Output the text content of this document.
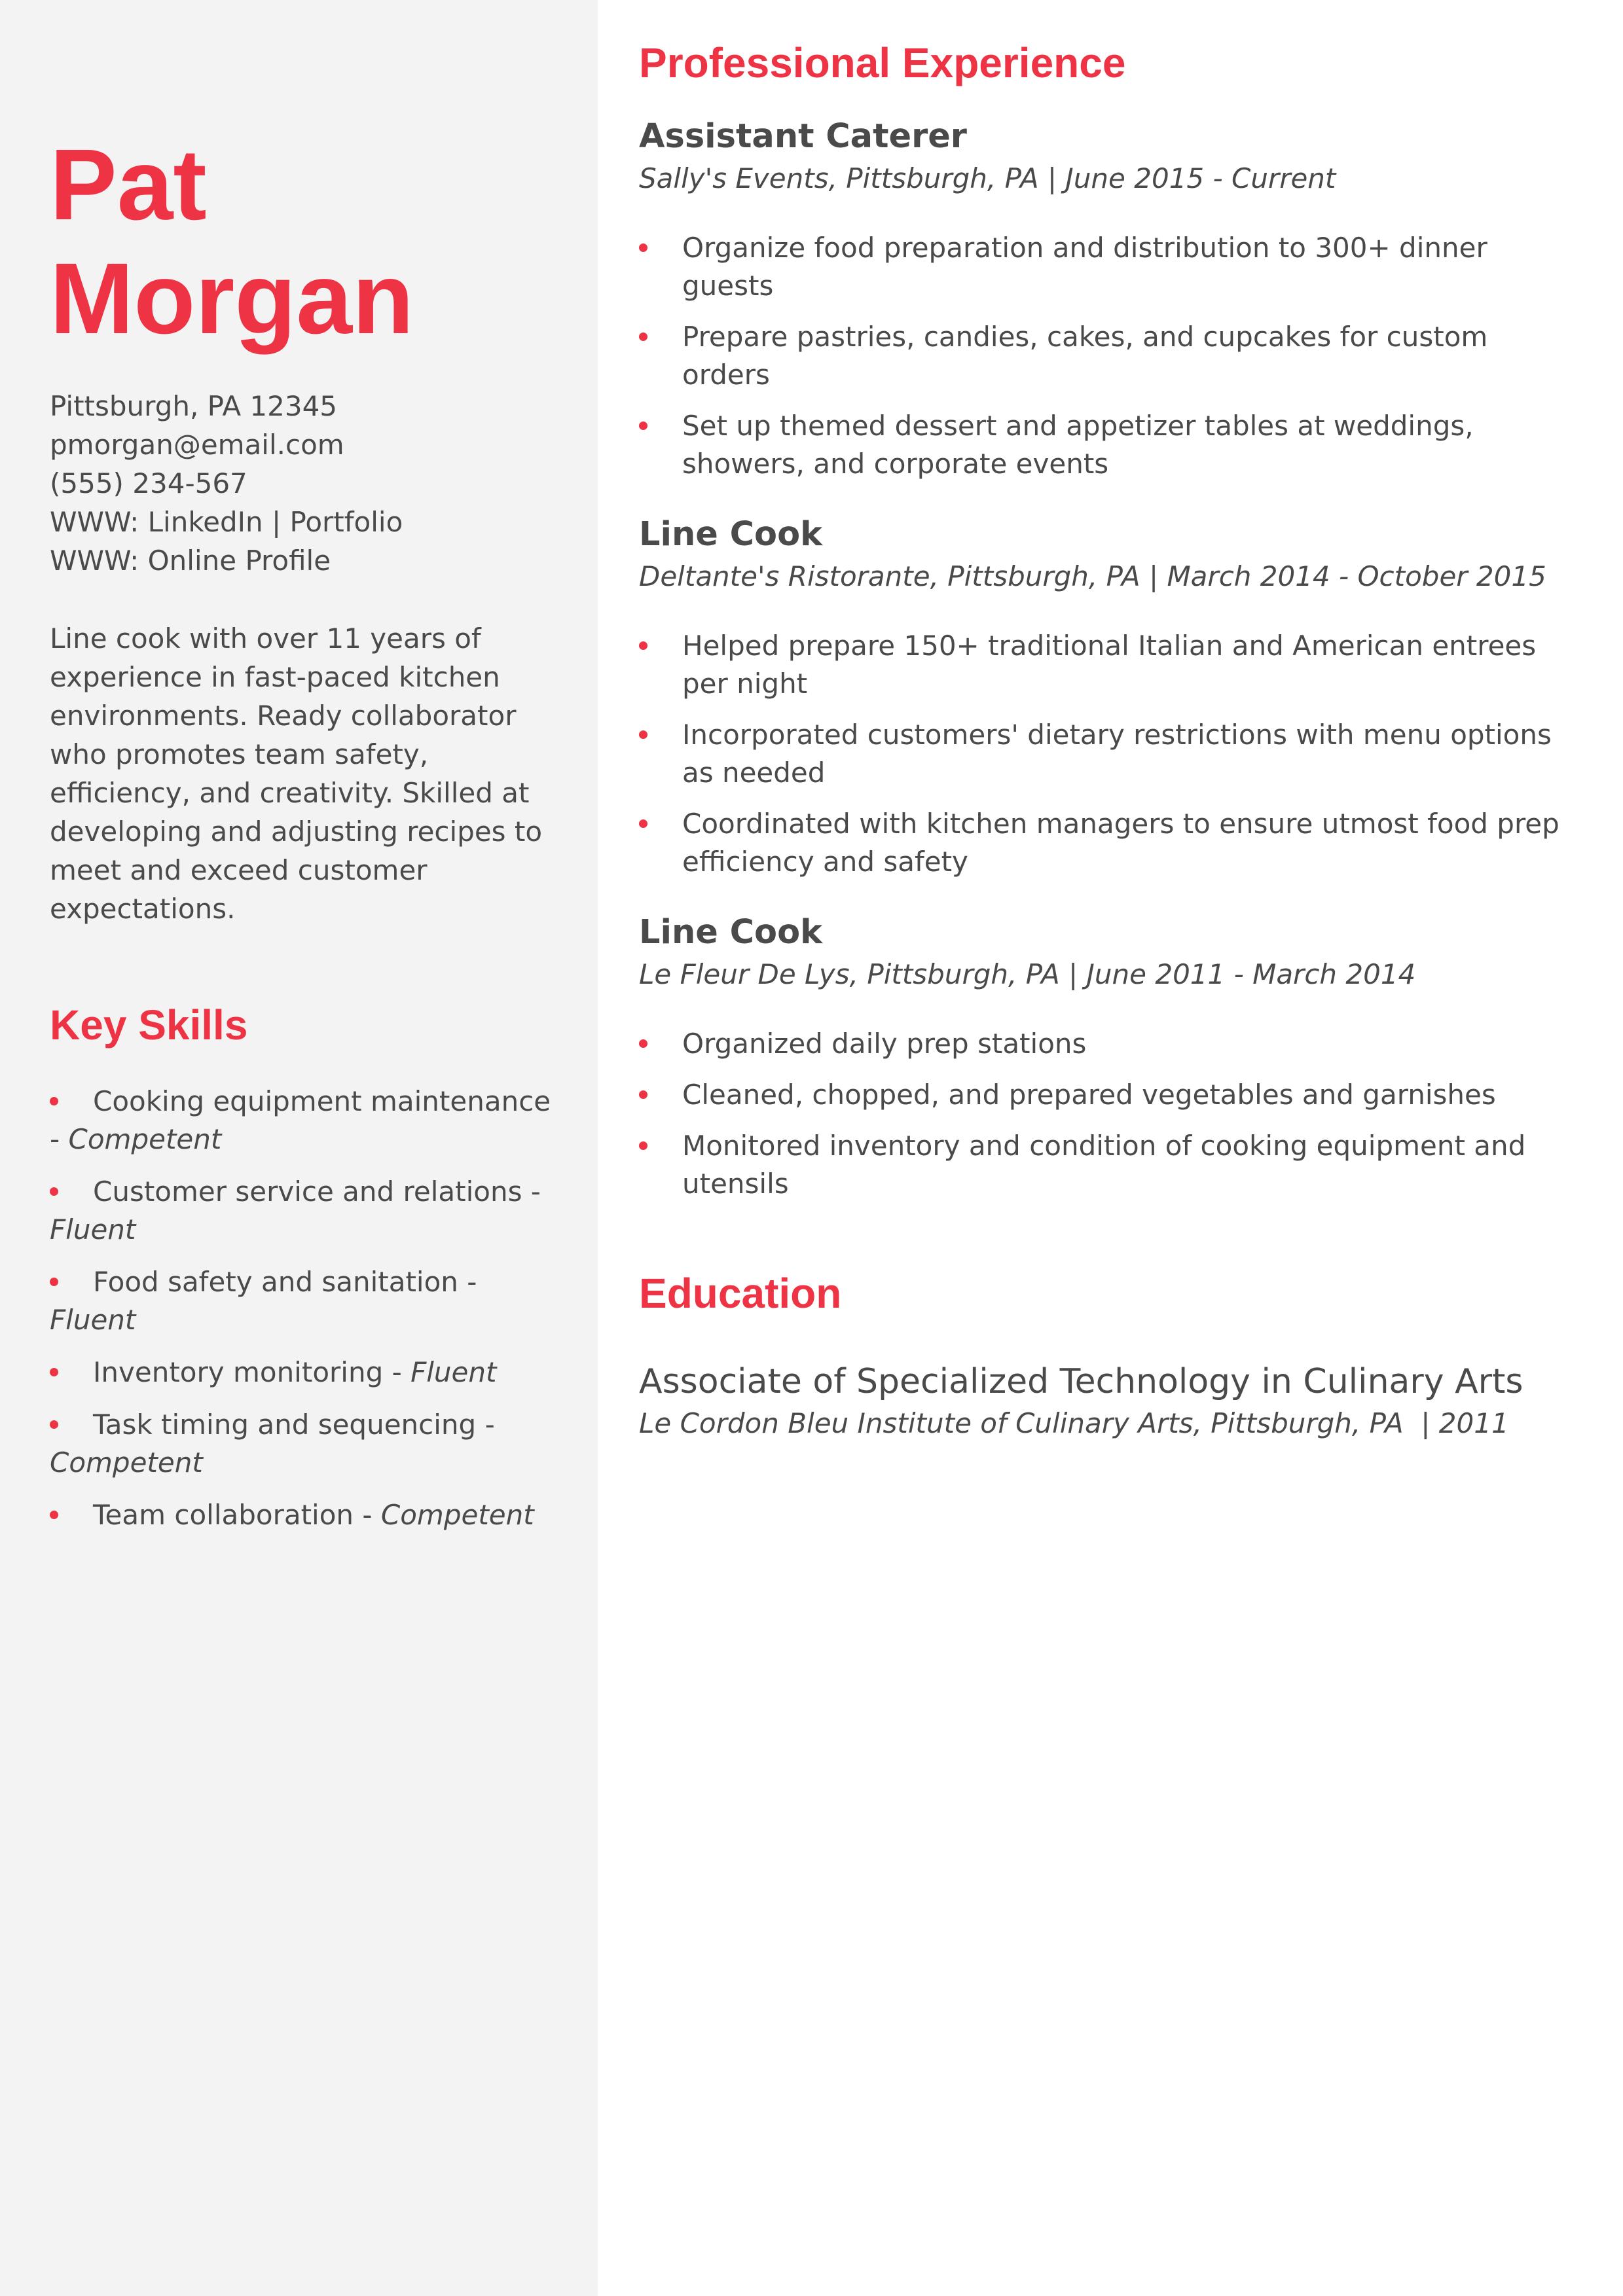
Pat
Morgan
Pittsburgh, PA 12345
pmorgan@email.com
(555) 234-567
WWW: LinkedIn | Portfolio
WWW: Online Profile
Line cook with over 11 years of experience in fast-paced kitchen environments. Ready collaborator who promotes team safety, efficiency, and creativity. Skilled at developing and adjusting recipes to meet and exceed customer expectations.
Key Skills
Cooking equipment maintenance - Competent
Customer service and relations - Fluent
Food safety and sanitation - Fluent
Inventory monitoring - Fluent
Task timing and sequencing - Competent
Team collaboration - Competent
Professional Experience
Assistant Caterer
Sally's Events, Pittsburgh, PA | June 2015 - Current
Organize food preparation and distribution to 300+ dinner guests
Prepare pastries, candies, cakes, and cupcakes for custom orders
Set up themed dessert and appetizer tables at weddings, showers, and corporate events
Line Cook
Deltante's Ristorante, Pittsburgh, PA | March 2014 - October 2015
Helped prepare 150+ traditional Italian and American entrees per night
Incorporated customers' dietary restrictions with menu options as needed
Coordinated with kitchen managers to ensure utmost food prep efficiency and safety
Line Cook
Le Fleur De Lys, Pittsburgh, PA | June 2011 - March 2014
Organized daily prep stations
Cleaned, chopped, and prepared vegetables and garnishes
Monitored inventory and condition of cooking equipment and utensils
Education
Associate of Specialized Technology in Culinary Arts
Le Cordon Bleu Institute of Culinary Arts, Pittsburgh, PA  | 2011
